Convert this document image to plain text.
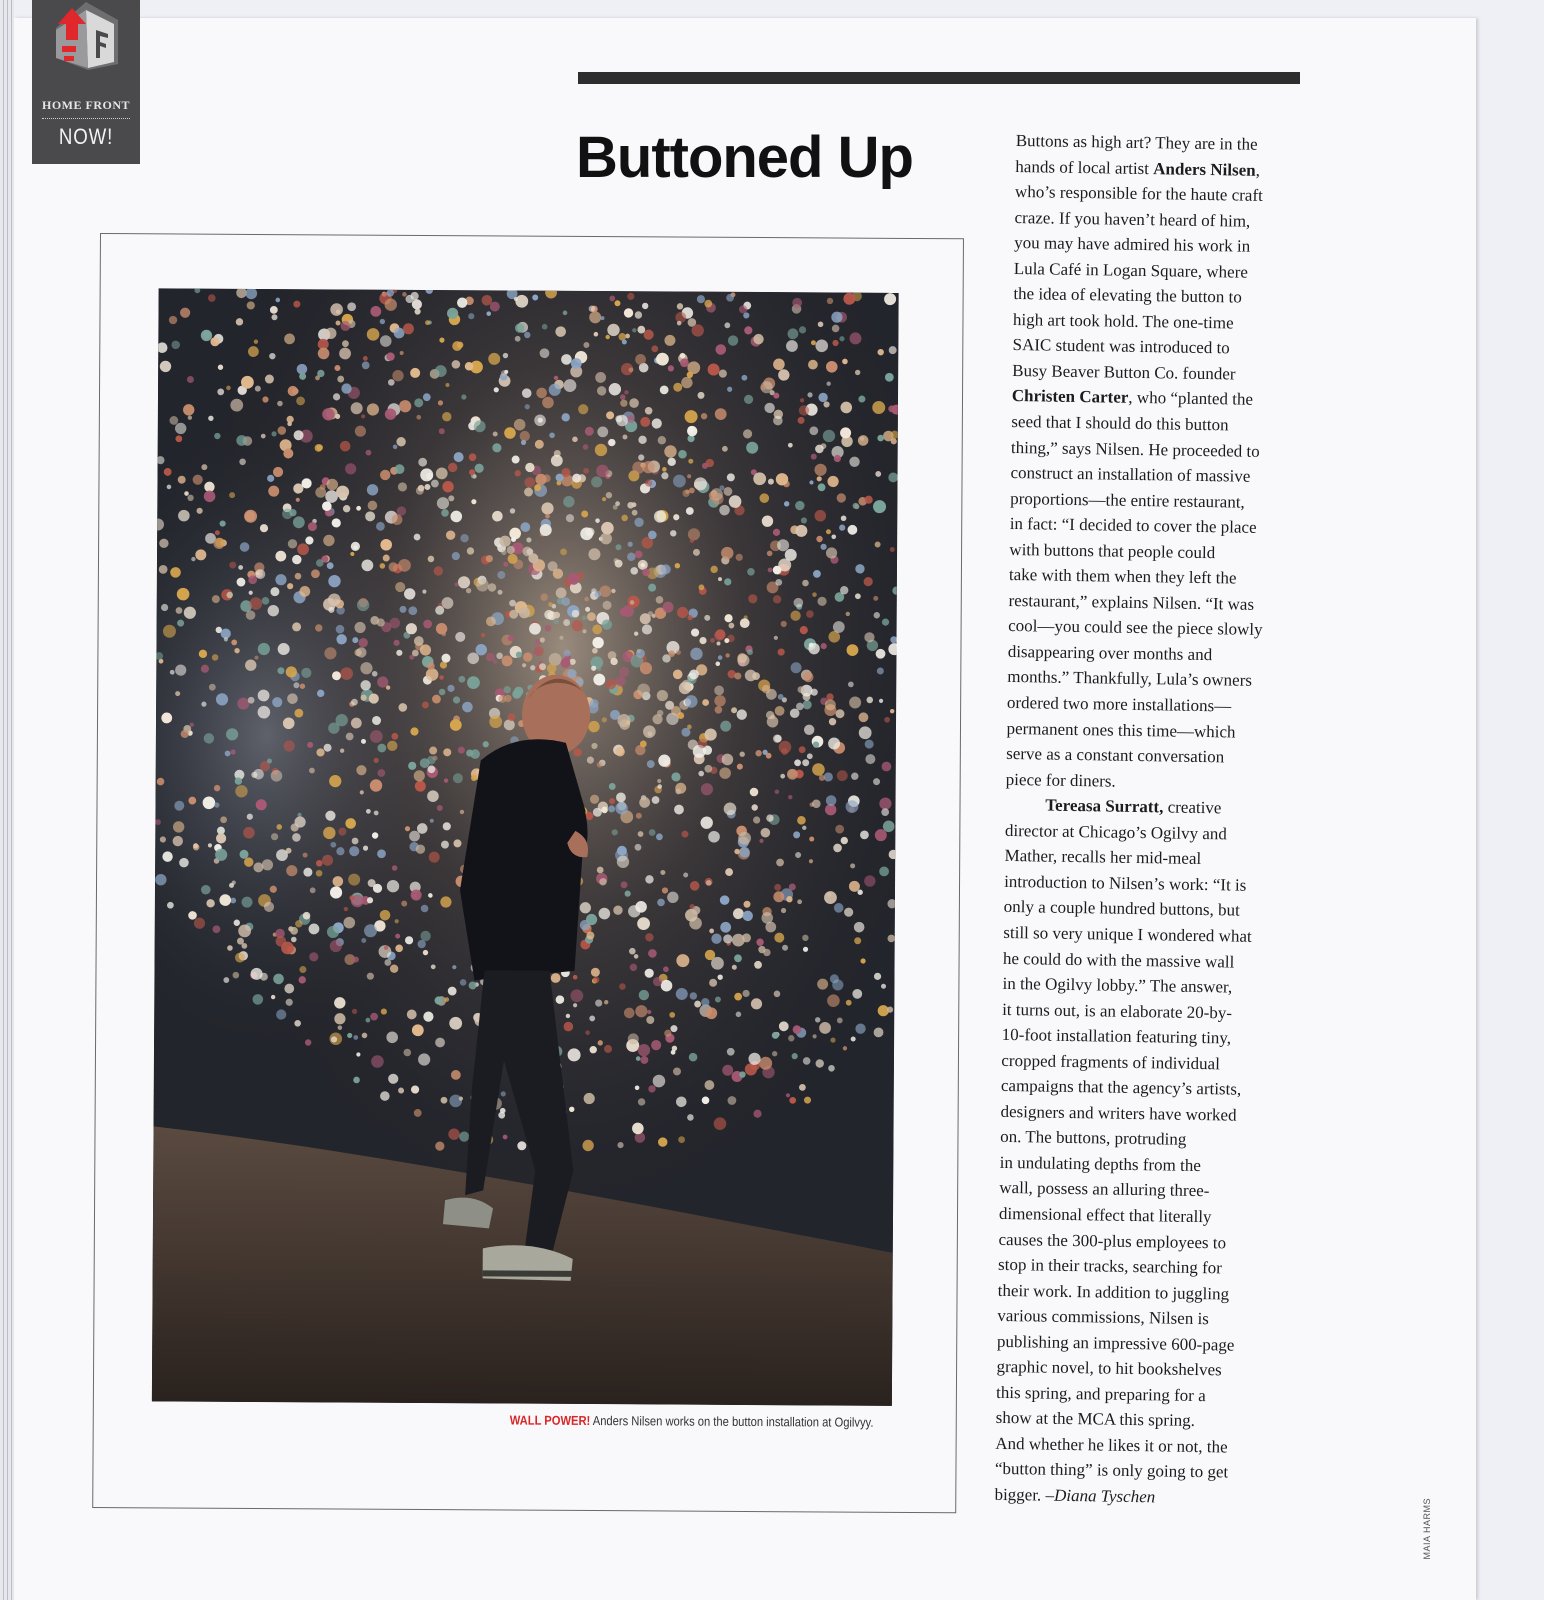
HOME FRONT
NOW!	Buttoned Up
WALL POWER! Anders Nilsen works on the button installation at Ogilvyy.
Buttons as high art? They are in the
hands of local artist Anders Nilsen,
who’s responsible for the haute craft
craze. If you haven’t heard of him,
you may have admired his work in
Lula Café in Logan Square, where
the idea of elevating the button to
high art took hold. The one-time
SAIC student was introduced to
Busy Beaver Button Co. founder
Christen Carter, who “planted the
seed that I should do this button
thing,” says Nilsen. He proceeded to
construct an installation of massive
proportions—the entire restaurant,
in fact: “I decided to cover the place
with buttons that people could
take with them when they left the
restaurant,” explains Nilsen. “It was
cool—you could see the piece slowly
disappearing over months and
months.” Thankfully, Lula’s owners
ordered two more installations—
permanent ones this time—which
serve as a constant conversation
piece for diners.
Tereasa Surratt, creative
director at Chicago’s Ogilvy and
Mather, recalls her mid-meal
introduction to Nilsen’s work: “It is
only a couple hundred buttons, but
still so very unique I wondered what
he could do with the massive wall
in the Ogilvy lobby.” The answer,
it turns out, is an elaborate 20-by-
10-foot installation featuring tiny,
cropped fragments of individual
campaigns that the agency’s artists,
designers and writers have worked
on. The buttons, protruding
in undulating depths from the
wall, possess an alluring three-
dimensional effect that literally
causes the 300-plus employees to
stop in their tracks, searching for
their work. In addition to juggling
various commissions, Nilsen is
publishing an impressive 600-page
graphic novel, to hit bookshelves
this spring, and preparing for a
show at the MCA this spring.
And whether he likes it or not, the
“button thing” is only going to get
bigger. –Diana Tyschen
MAIA HARMS
